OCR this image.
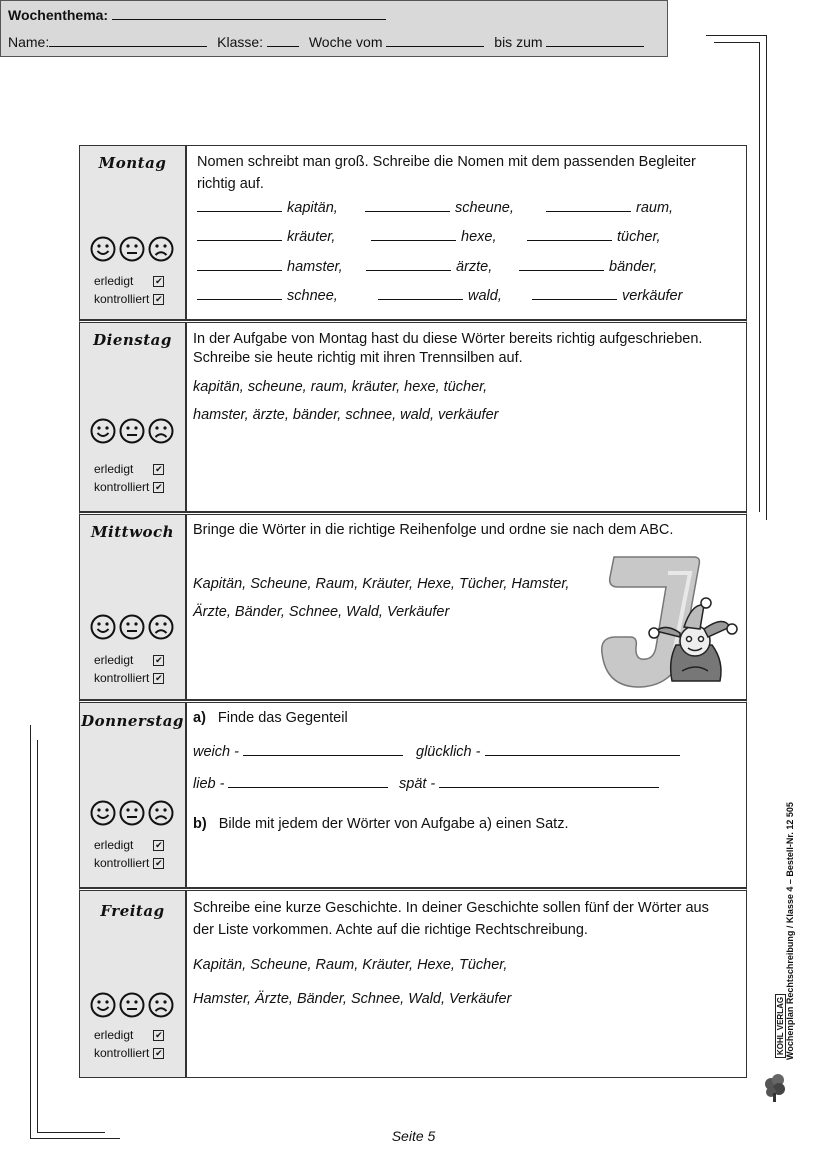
Wochenthema:
Name:	Klasse:	Woche vom	bis zum
Montag
erledigt ✔
kontrolliert ✔
Nomen schreibt man groß. Schreibe die Nomen mit dem passenden Begleiter richtig auf.
kapitän,	scheune,	raum,
kräuter,	hexe,	tücher,
hamster,	ärzte,	bänder,
schnee,	wald,	verkäufer
Dienstag
erledigt ✔
kontrolliert ✔
In der Aufgabe von Montag hast du diese Wörter bereits richtig aufgeschrieben.
Schreibe sie heute richtig mit ihren Trennsilben auf.
kapitän, scheune, raum, kräuter, hexe, tücher,
hamster, ärzte, bänder, schnee, wald, verkäufer
Mittwoch
erledigt ✔
kontrolliert ✔
Bringe die Wörter in die richtige Reihenfolge und ordne sie nach dem ABC.
Kapitän, Scheune, Raum, Kräuter, Hexe, Tücher, Hamster,
Ärzte, Bänder, Schnee, Wald, Verkäufer
Donnerstag
erledigt ✔
kontrolliert ✔
a) Finde das Gegenteil
weich -	glücklich -
lieb -	spät -
b) Bilde mit jedem der Wörter von Aufgabe a) einen Satz.
Freitag
erledigt ✔
kontrolliert ✔
Schreibe eine kurze Geschichte. In deiner Geschichte sollen fünf der Wörter aus
der Liste vorkommen. Achte auf die richtige Rechtschreibung.
Kapitän, Scheune, Raum, Kräuter, Hexe, Tücher,
Hamster, Ärzte, Bänder, Schnee, Wald, Verkäufer
Seite 5
Wochenplan Rechtschreibung / Klasse 4 – Bestell-Nr. 12 505
KOHL VERLAG
